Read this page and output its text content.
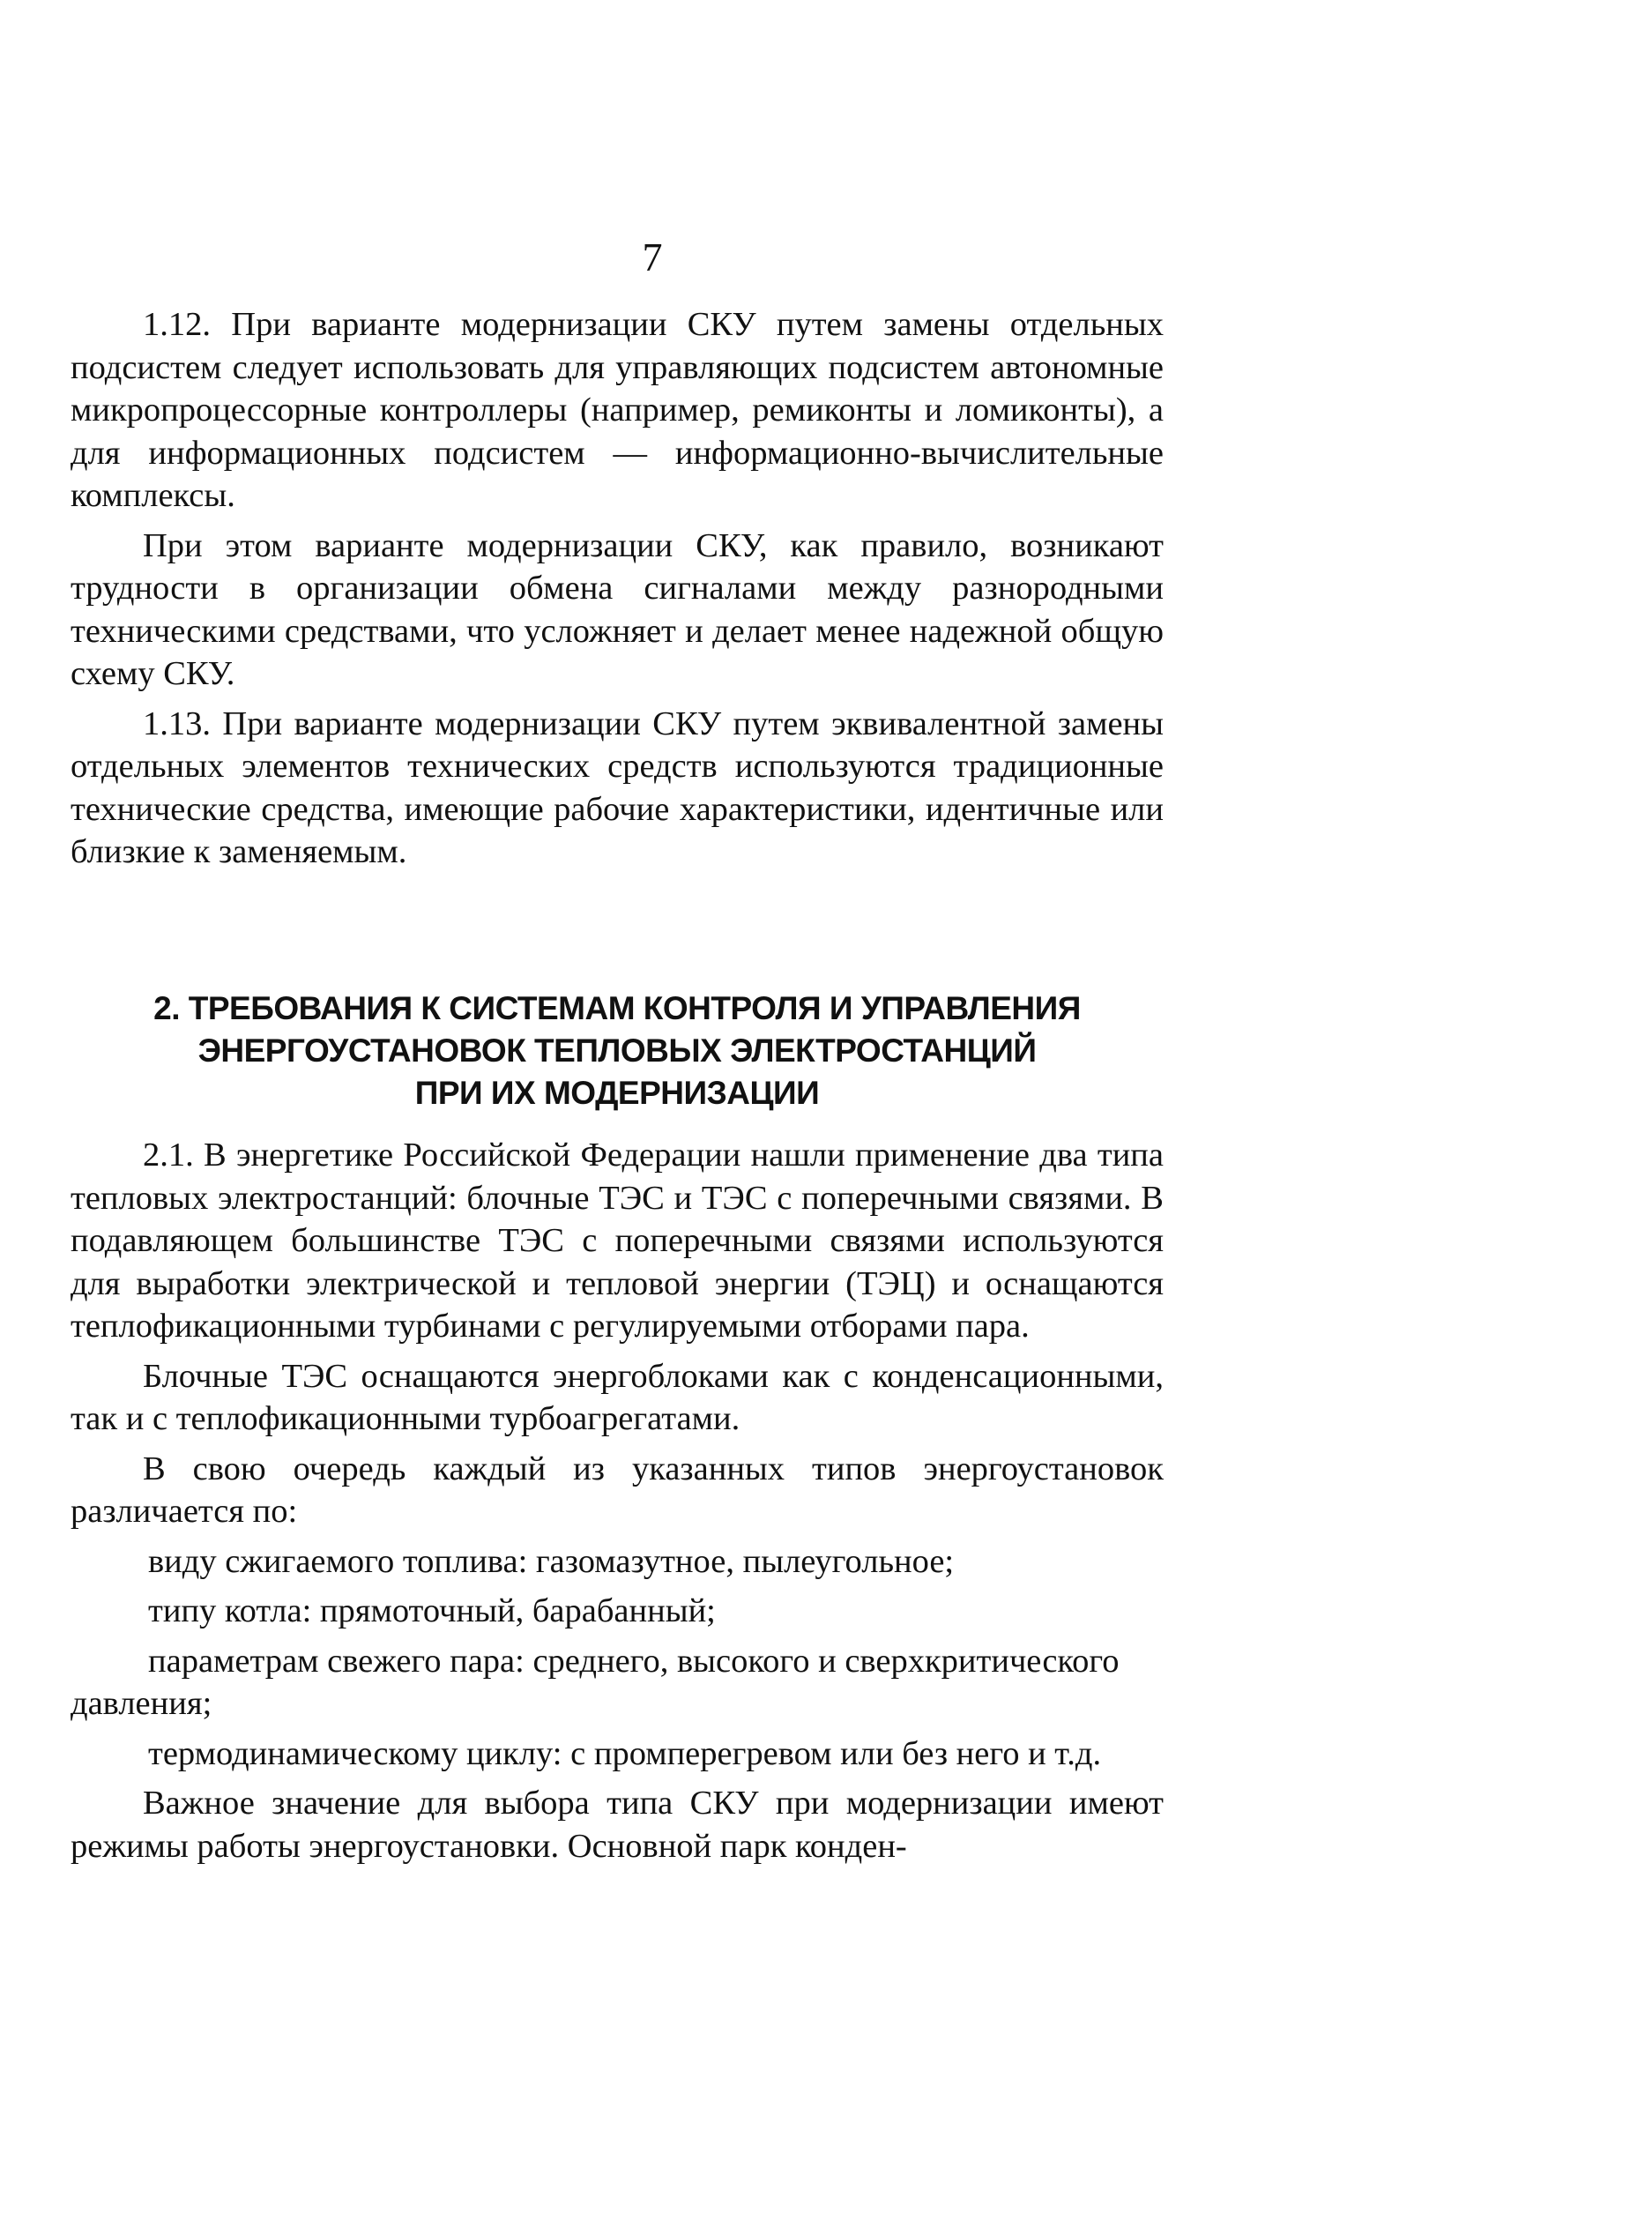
7

1.12. При варианте модернизации СКУ путем замены отдельных подсистем следует использовать для управляющих подсистем автономные микропроцессорные контроллеры (например, ремиконты и ломиконты), а для информационных подсистем — информационно-вычислительные комплексы.

При этом варианте модернизации СКУ, как правило, возникают трудности в организации обмена сигналами между разнородными техническими средствами, что усложняет и делает менее надежной общую схему СКУ.

1.13. При варианте модернизации СКУ путем эквивалентной замены отдельных элементов технических средств используются традиционные технические средства, имеющие рабочие характеристики, идентичные или близкие к заменяемым.

2. ТРЕБОВАНИЯ К СИСТЕМАМ КОНТРОЛЯ И УПРАВЛЕНИЯ
ЭНЕРГОУСТАНОВОК ТЕПЛОВЫХ ЭЛЕКТРОСТАНЦИЙ
ПРИ ИХ МОДЕРНИЗАЦИИ

2.1. В энергетике Российской Федерации нашли применение два типа тепловых электростанций: блочные ТЭС и ТЭС с поперечными связями. В подавляющем большинстве ТЭС с поперечными связями используются для выработки электрической и тепловой энергии (ТЭЦ) и оснащаются теплофикационными турбинами с регулируемыми отборами пара.

Блочные ТЭС оснащаются энергоблоками как с конденсационными, так и с теплофикационными турбоагрегатами.

В свою очередь каждый из указанных типов энергоустановок различается по:

виду сжигаемого топлива: газомазутное, пылеугольное;

типу котла: прямоточный, барабанный;

параметрам свежего пара: среднего, высокого и сверхкритического давления;

термодинамическому циклу: с промперегревом или без него и т.д.

Важное значение для выбора типа СКУ при модернизации имеют режимы работы энергоустановки. Основной парк конден-
